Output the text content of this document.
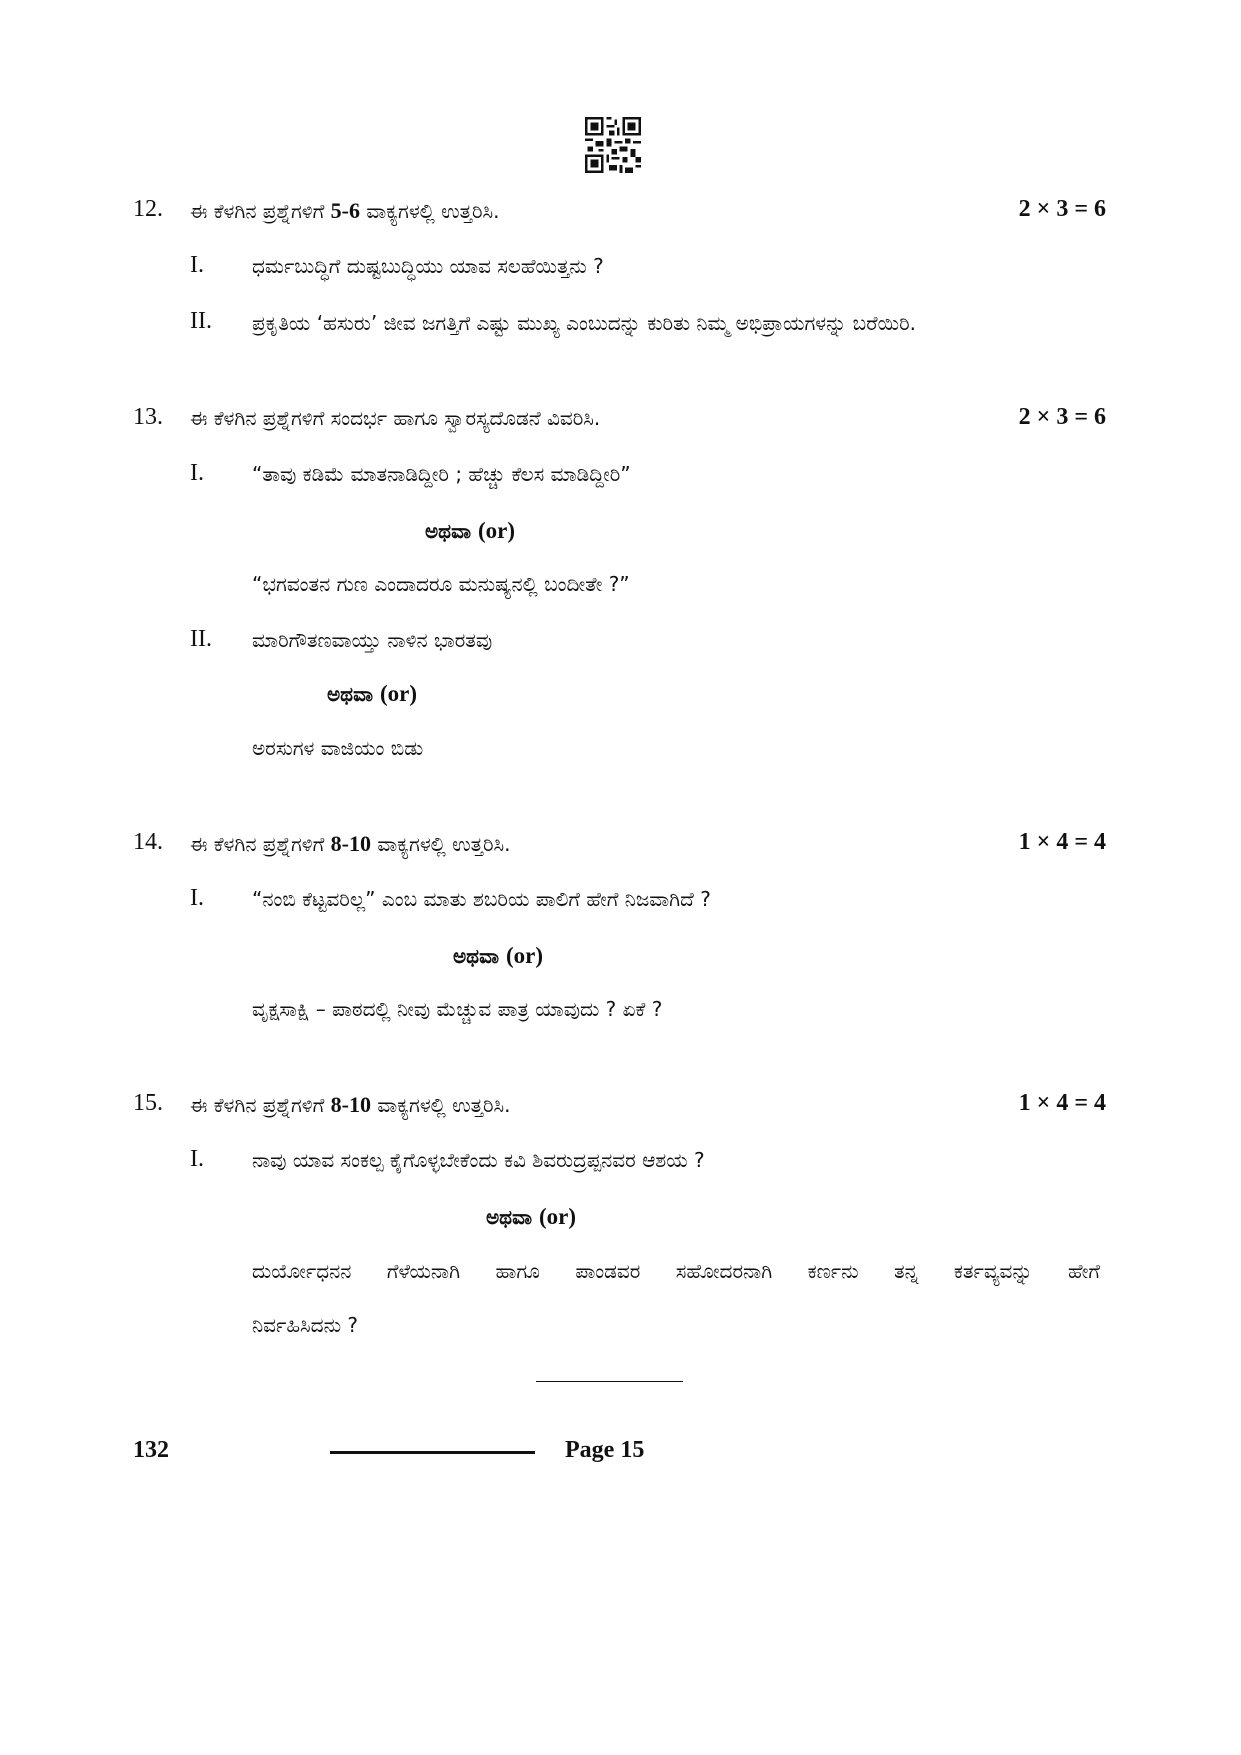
12. ಈ ಕೆಳಗಿನ ಪ್ರಶ್ನೆಗಳಿಗೆ 5-6 ವಾಕ್ಯಗಳಲ್ಲಿ ಉತ್ತರಿಸಿ.	2 × 3 = 6
I. ಧರ್ಮಬುದ್ಧಿಗೆ ದುಷ್ಟಬುದ್ಧಿಯು ಯಾವ ಸಲಹೆಯಿತ್ತನು ?
II. ಪ್ರಕೃತಿಯ ‘ಹಸುರು’ ಜೀವ ಜಗತ್ತಿಗೆ ಎಷ್ಟು ಮುಖ್ಯ ಎಂಬುದನ್ನು ಕುರಿತು ನಿಮ್ಮ ಅಭಿಪ್ರಾಯಗಳನ್ನು ಬರೆಯಿರಿ.
13. ಈ ಕೆಳಗಿನ ಪ್ರಶ್ನೆಗಳಿಗೆ ಸಂದರ್ಭ ಹಾಗೂ ಸ್ವಾರಸ್ಯದೊಡನೆ ವಿವರಿಸಿ.	2 × 3 = 6
I. “ತಾವು ಕಡಿಮೆ ಮಾತನಾಡಿದ್ದೀರಿ ; ಹೆಚ್ಚು ಕೆಲಸ ಮಾಡಿದ್ದೀರಿ”
ಅಥವಾ (or)
“ಭಗವಂತನ ಗುಣ ಎಂದಾದರೂ ಮನುಷ್ಯನಲ್ಲಿ ಬಂದೀತೇ ?”
II. ಮಾರಿಗೌತಣವಾಯ್ತು ನಾಳಿನ ಭಾರತವು
ಅಥವಾ (or)
ಅರಸುಗಳ ವಾಜಿಯಂ ಬಿಡು
14. ಈ ಕೆಳಗಿನ ಪ್ರಶ್ನೆಗಳಿಗೆ 8-10 ವಾಕ್ಯಗಳಲ್ಲಿ ಉತ್ತರಿಸಿ.	1 × 4 = 4
I. “ನಂಬಿ ಕೆಟ್ಟವರಿಲ್ಲ” ಎಂಬ ಮಾತು ಶಬರಿಯ ಪಾಲಿಗೆ ಹೇಗೆ ನಿಜವಾಗಿದೆ ?
ಅಥವಾ (or)
ವೃಕ್ಷಸಾಕ್ಷಿ – ಪಾಠದಲ್ಲಿ ನೀವು ಮೆಚ್ಚುವ ಪಾತ್ರ ಯಾವುದು ? ಏಕೆ ?
15. ಈ ಕೆಳಗಿನ ಪ್ರಶ್ನೆಗಳಿಗೆ 8-10 ವಾಕ್ಯಗಳಲ್ಲಿ ಉತ್ತರಿಸಿ.	1 × 4 = 4
I. ನಾವು ಯಾವ ಸಂಕಲ್ಪ ಕೈಗೊಳ್ಳಬೇಕೆಂದು ಕವಿ ಶಿವರುದ್ರಪ್ಪನವರ ಆಶಯ ?
ಅಥವಾ (or)
ದುರ್ಯೋಧನನ ಗೆಳೆಯನಾಗಿ ಹಾಗೂ ಪಾಂಡವರ ಸಹೋದರನಾಗಿ ಕರ್ಣನು ತನ್ನ ಕರ್ತವ್ಯವನ್ನು ಹೇಗೆ
ನಿರ್ವಹಿಸಿದನು ?
132	Page 15
